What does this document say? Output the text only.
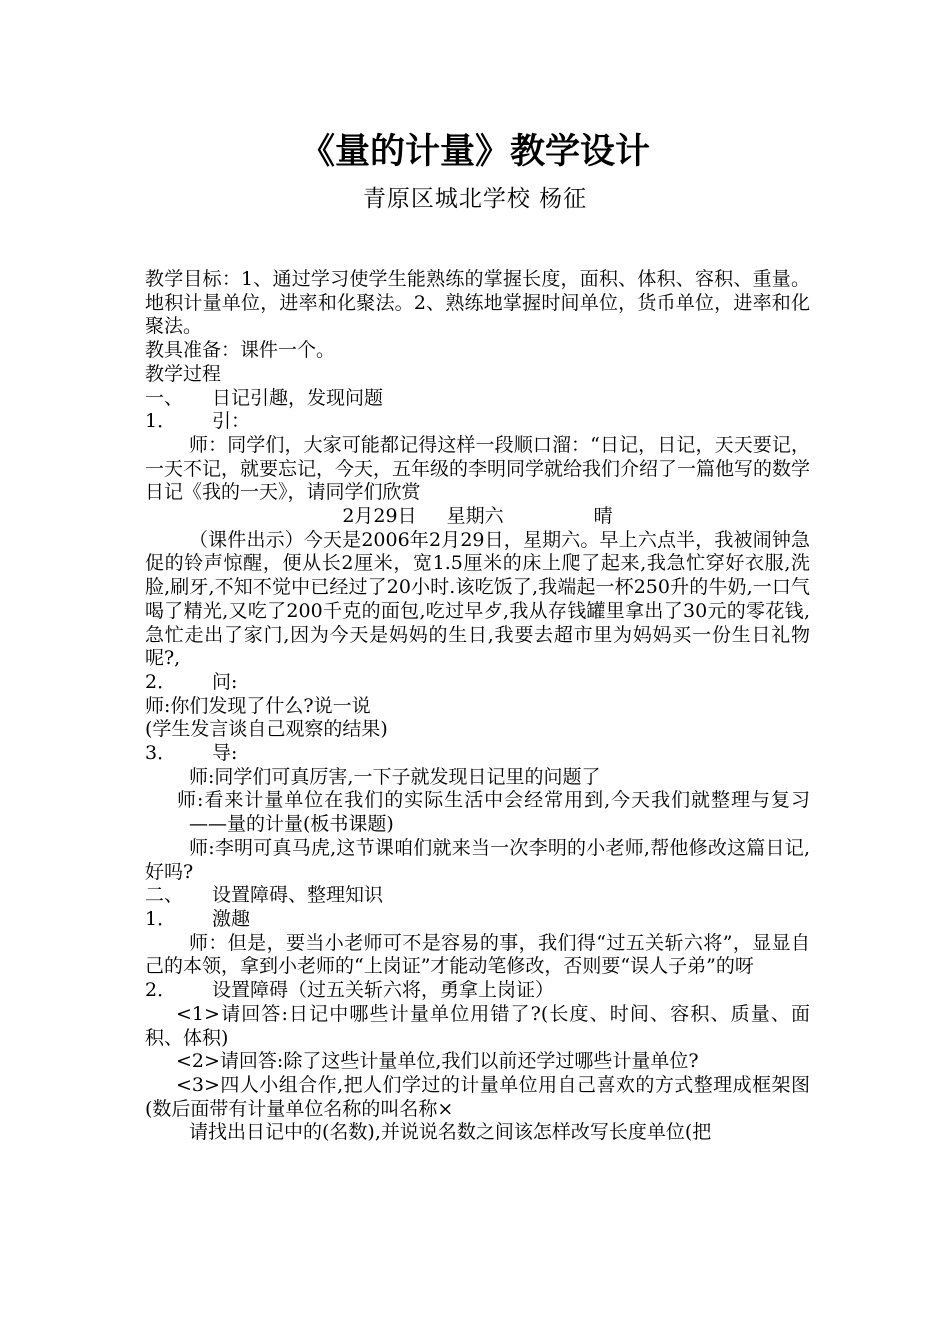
《量的计量》教学设计
青原区城北学校 杨征

教学目标：1、通过学习使学生能熟练的掌握长度，面积、体积、容积、重量。地积计量单位，进率和化聚法。2、熟练地掌握时间单位，货币单位，进率和化聚法。

教具准备：课件一个。

教学过程

一、 日记引趣，发现问题

1． 引：

师：同学们，大家可能都记得这样一段顺口溜：“日记，日记，天天要记，一天不记，就要忘记，今天，五年级的李明同学就给我们介绍了一篇他写的数学日记《我的一天》，请同学们欣赏

2月29日 星期六	晴

（课件出示）今天是2006年2月29日，星期六。早上六点半，我被闹钟急促的铃声惊醒，便从长2厘米，宽1.5厘米的床上爬了起来,我急忙穿好衣服,洗脸,刷牙,不知不觉中已经过了20小时.该吃饭了,我端起一杯250升的牛奶,一口气喝了精光,又吃了200千克的面包,吃过早歺,我从存钱罐里拿出了30元的零花钱,急忙走出了家门,因为今天是妈妈的生日,我要去超市里为妈妈买一份生日礼物呢?,

2． 问:

师:你们发现了什么?说一说

(学生发言谈自己观察的结果)

3． 导:

师:同学们可真厉害,一下子就发现日记里的问题了

师:看来计量单位在我们的实际生活中会经常用到,今天我们就整理与复习——量的计量(板书课题)

师:李明可真马虎,这节课咱们就来当一次李明的小老师,帮他修改这篇日记,好吗?

二、 设置障碍、整理知识

1． 激趣

师：但是，要当小老师可不是容易的事，我们得“过五关斩六将”，显显自己的本领，拿到小老师的“上岗证”才能动笔修改，否则要“误人子弟”的呀

2． 设置障碍（过五关斩六将，勇拿上岗证）

<1>请回答:日记中哪些计量单位用错了?(长度、时间、容积、质量、面积、体积)

<2>请回答:除了这些计量单位,我们以前还学过哪些计量单位?

<3>四人小组合作,把人们学过的计量单位用自己喜欢的方式整理成框架图(数后面带有计量单位名称的叫名称×

请找出日记中的(名数),并说说名数之间该怎样改写长度单位(把
